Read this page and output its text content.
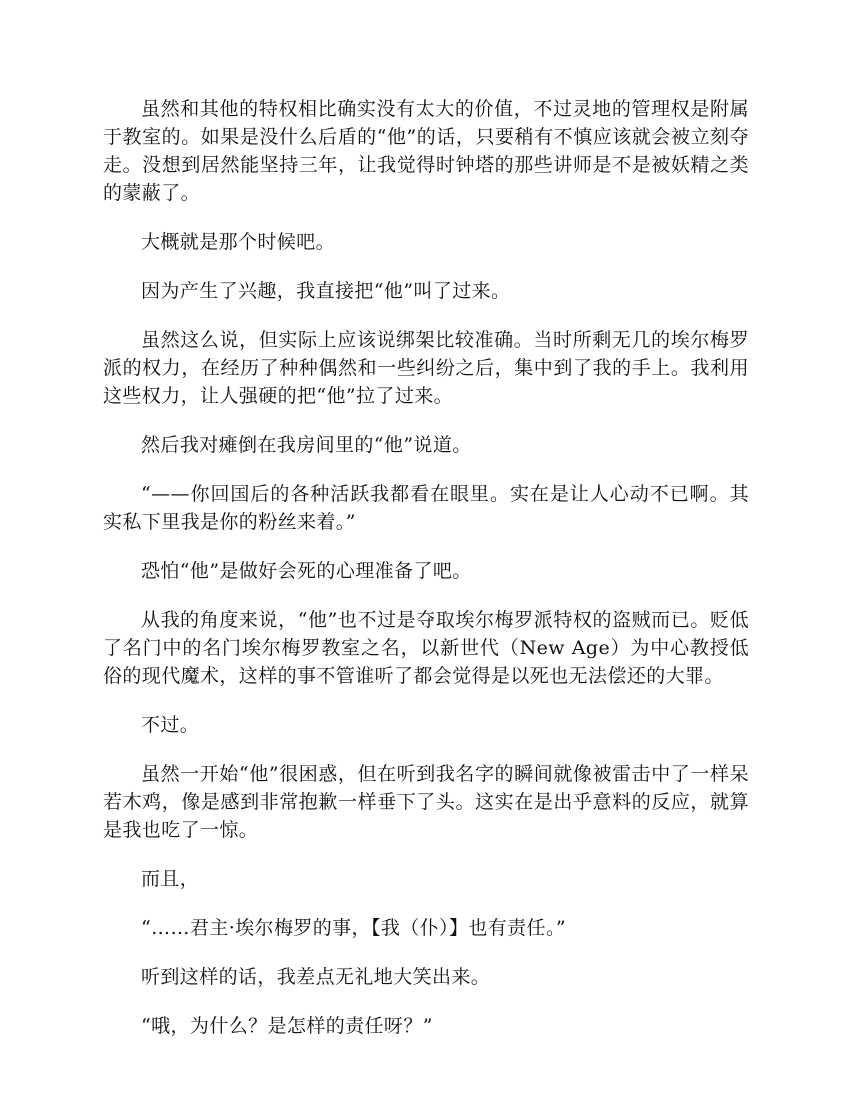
虽然和其他的特权相比确实没有太大的价值，不过灵地的管理权是附属于教室的。如果是没什么后盾的“他”的话，只要稍有不慎应该就会被立刻夺走。没想到居然能坚持三年，让我觉得时钟塔的那些讲师是不是被妖精之类的蒙蔽了。

大概就是那个时候吧。

因为产生了兴趣，我直接把“他”叫了过来。

虽然这么说，但实际上应该说绑架比较准确。当时所剩无几的埃尔梅罗派的权力，在经历了种种偶然和一些纠纷之后，集中到了我的手上。我利用这些权力，让人强硬的把“他”拉了过来。

然后我对瘫倒在我房间里的“他”说道。

“——你回国后的各种活跃我都看在眼里。实在是让人心动不已啊。其实私下里我是你的粉丝来着。”

恐怕“他”是做好会死的心理准备了吧。

从我的角度来说，“他”也不过是夺取埃尔梅罗派特权的盗贼而已。贬低了名门中的名门埃尔梅罗教室之名，以新世代（New Age）为中心教授低俗的现代魔术，这样的事不管谁听了都会觉得是以死也无法偿还的大罪。

不过。

虽然一开始“他”很困惑，但在听到我名字的瞬间就像被雷击中了一样呆若木鸡，像是感到非常抱歉一样垂下了头。这实在是出乎意料的反应，就算是我也吃了一惊。

而且，

“……君主·埃尔梅罗的事，【我（仆）】也有责任。”

听到这样的话，我差点无礼地大笑出来。

“哦，为什么？是怎样的责任呀？”
